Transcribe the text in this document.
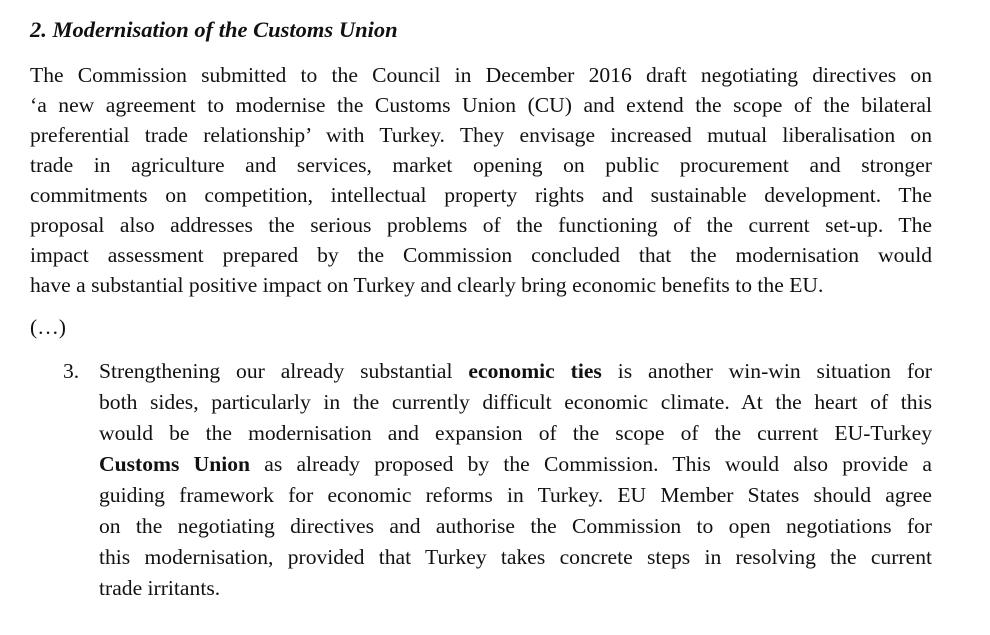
2. Modernisation of the Customs Union
The Commission submitted to the Council in December 2016 draft negotiating directives on
‘a new agreement to modernise the Customs Union (CU) and extend the scope of the bilateral
preferential trade relationship’ with Turkey. They envisage increased mutual liberalisation on
trade in agriculture and services, market opening on public procurement and stronger
commitments on competition, intellectual property rights and sustainable development. The
proposal also addresses the serious problems of the functioning of the current set-up. The
impact assessment prepared by the Commission concluded that the modernisation would
have a substantial positive impact on Turkey and clearly bring economic benefits to the EU.
(…)
3. Strengthening our already substantial economic ties is another win-win situation for
both sides, particularly in the currently difficult economic climate. At the heart of this
would be the modernisation and expansion of the scope of the current EU-Turkey
Customs Union as already proposed by the Commission. This would also provide a
guiding framework for economic reforms in Turkey. EU Member States should agree
on the negotiating directives and authorise the Commission to open negotiations for
this modernisation, provided that Turkey takes concrete steps in resolving the current
trade irritants.
